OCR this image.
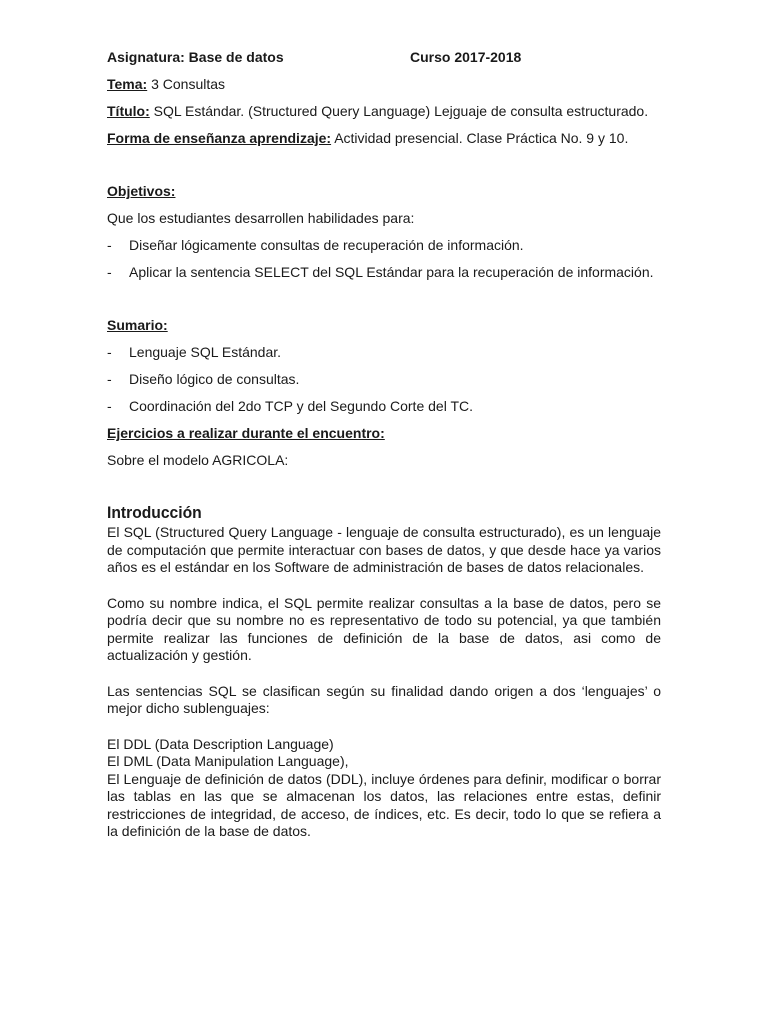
Asignatura: Base de datos	Curso 2017-2018
Tema: 3 Consultas
Título: SQL Estándar. (Structured Query Language) Lejguaje de consulta estructurado.
Forma de enseñanza aprendizaje: Actividad presencial. Clase Práctica No. 9 y 10.
Objetivos:

Que los estudiantes desarrollen habilidades para:

- Diseñar lógicamente consultas de recuperación de información.
- Aplicar la sentencia SELECT del SQL Estándar para la recuperación de información.
Sumario:
- Lenguaje SQL Estándar.
- Diseño lógico de consultas.
- Coordinación del 2do TCP y del Segundo Corte del TC.
Ejercicios a realizar durante el encuentro:
Sobre el modelo AGRICOLA:
Introducción

El SQL (Structured Query Language - lenguaje de consulta estructurado), es un lenguaje de computación que permite interactuar con bases de datos, y que desde hace ya varios años es el estándar en los Software de administración de bases de datos relacionales.

Como su nombre indica, el SQL permite realizar consultas a la base de datos, pero se podría decir que su nombre no es representativo de todo su potencial, ya que también permite realizar las funciones de definición de la base de datos, asi como de actualización y gestión.

Las sentencias SQL se clasifican según su finalidad dando origen a dos ‘lenguajes’ o mejor dicho sublenguajes:

El DDL (Data Description Language)
El DML (Data Manipulation Language),

El Lenguaje de definición de datos (DDL), incluye órdenes para definir, modificar o borrar las tablas en las que se almacenan los datos, las relaciones entre estas, definir restricciones de integridad, de acceso, de índices, etc. Es decir, todo lo que se refiera a la definición de la base de datos.
